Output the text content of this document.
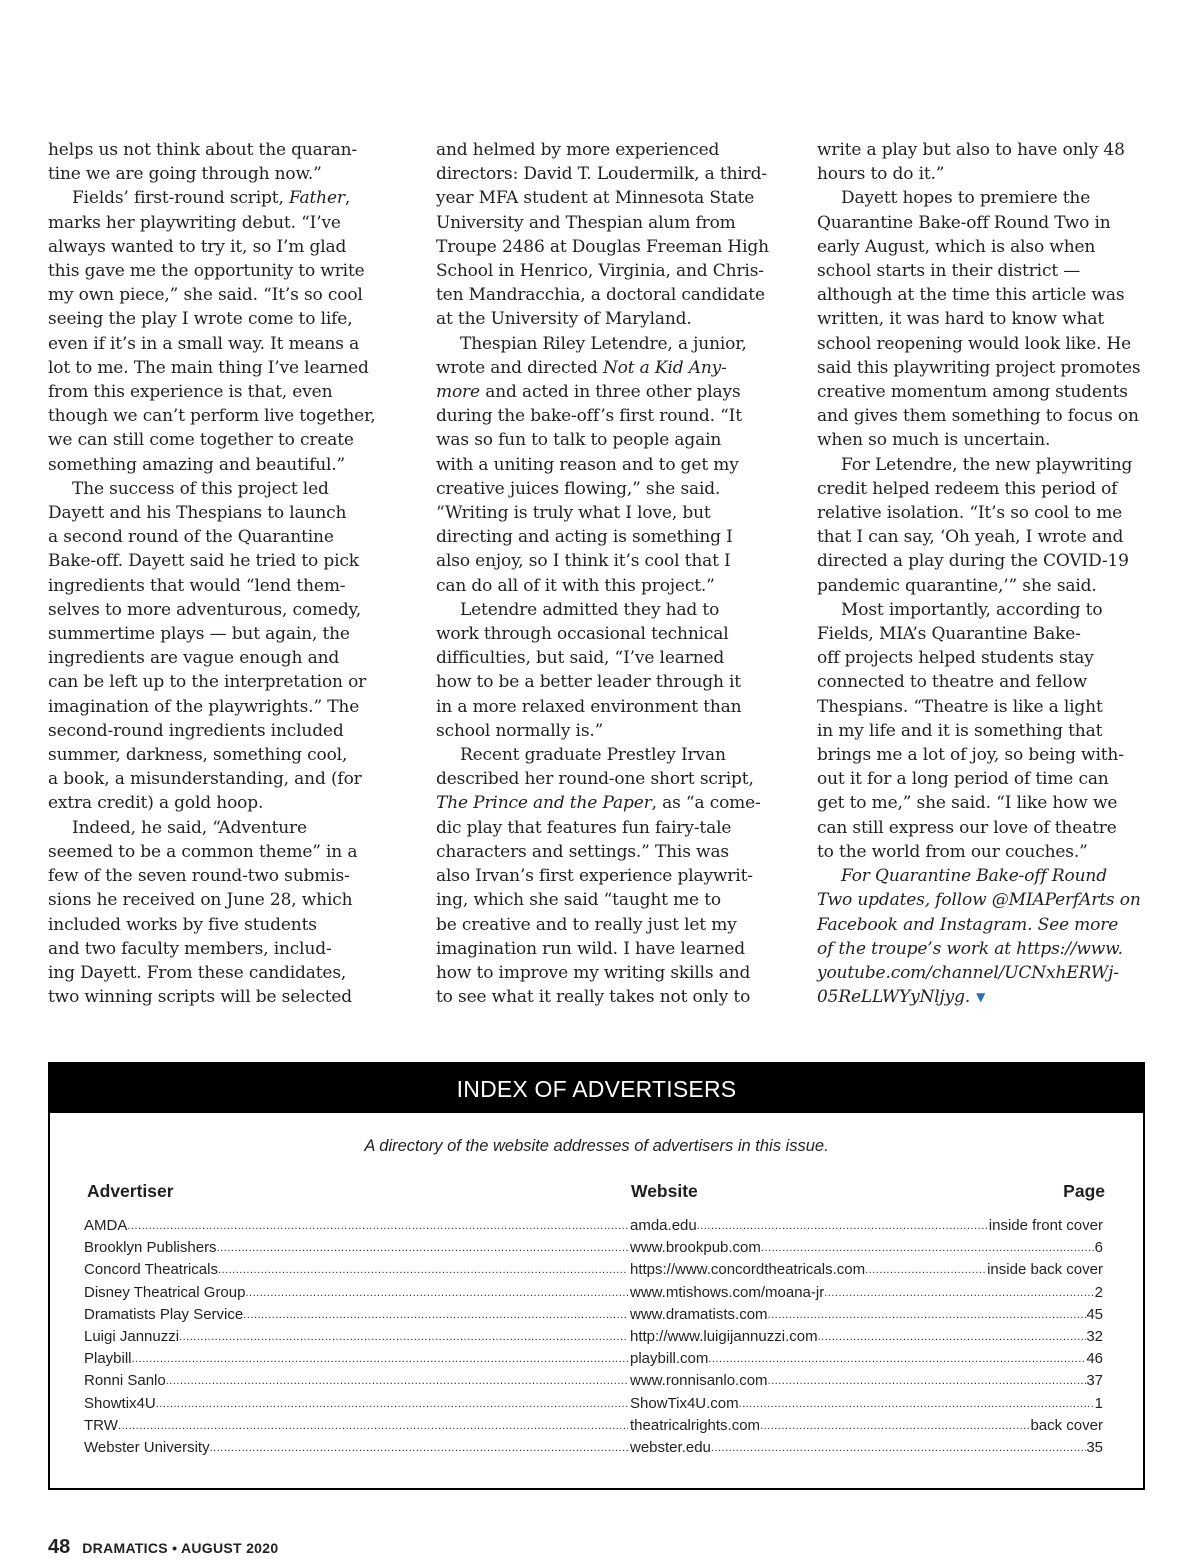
helps us not think about the quaran-
tine we are going through now.”
Fields’ first-round script, Father,
marks her playwriting debut. “I’ve
always wanted to try it, so I’m glad
this gave me the opportunity to write
my own piece,” she said. “It’s so cool
seeing the play I wrote come to life,
even if it’s in a small way. It means a
lot to me. The main thing I’ve learned
from this experience is that, even
though we can’t perform live together,
we can still come together to create
something amazing and beautiful.”
The success of this project led
Dayett and his Thespians to launch
a second round of the Quarantine
Bake-off. Dayett said he tried to pick
ingredients that would “lend them-
selves to more adventurous, comedy,
summertime plays — but again, the
ingredients are vague enough and
can be left up to the interpretation or
imagination of the playwrights.” The
second-round ingredients included
summer, darkness, something cool,
a book, a misunderstanding, and (for
extra credit) a gold hoop.
Indeed, he said, “Adventure
seemed to be a common theme” in a
few of the seven round-two submis-
sions he received on June 28, which
included works by five students
and two faculty members, includ-
ing Dayett. From these candidates,
two winning scripts will be selected
and helmed by more experienced
directors: David T. Loudermilk, a third-
year MFA student at Minnesota State
University and Thespian alum from
Troupe 2486 at Douglas Freeman High
School in Henrico, Virginia, and Chris-
ten Mandracchia, a doctoral candidate
at the University of Maryland.
Thespian Riley Letendre, a junior,
wrote and directed Not a Kid Any-
more and acted in three other plays
during the bake-off’s first round. “It
was so fun to talk to people again
with a uniting reason and to get my
creative juices flowing,” she said.
“Writing is truly what I love, but
directing and acting is something I
also enjoy, so I think it’s cool that I
can do all of it with this project.”
Letendre admitted they had to
work through occasional technical
difficulties, but said, “I’ve learned
how to be a better leader through it
in a more relaxed environment than
school normally is.”
Recent graduate Prestley Irvan
described her round-one short script,
The Prince and the Paper, as “a come-
dic play that features fun fairy-tale
characters and settings.” This was
also Irvan’s first experience playwrit-
ing, which she said “taught me to
be creative and to really just let my
imagination run wild. I have learned
how to improve my writing skills and
to see what it really takes not only to
write a play but also to have only 48
hours to do it.”
Dayett hopes to premiere the
Quarantine Bake-off Round Two in
early August, which is also when
school starts in their district —
although at the time this article was
written, it was hard to know what
school reopening would look like. He
said this playwriting project promotes
creative momentum among students
and gives them something to focus on
when so much is uncertain.
For Letendre, the new playwriting
credit helped redeem this period of
relative isolation. “It’s so cool to me
that I can say, ‘Oh yeah, I wrote and
directed a play during the COVID-19
pandemic quarantine,’” she said.
Most importantly, according to
Fields, MIA’s Quarantine Bake-
off projects helped students stay
connected to theatre and fellow
Thespians. “Theatre is like a light
in my life and it is something that
brings me a lot of joy, so being with-
out it for a long period of time can
get to me,” she said. “I like how we
can still express our love of theatre
to the world from our couches.”
For Quarantine Bake-off Round
Two updates, follow @MIAPerfArts on
Facebook and Instagram. See more
of the troupe’s work at https://www.
youtube.com/channel/UCNxhERWj-
05ReLLWYyNljyg. ▼
INDEX OF ADVERTISERS
A directory of the website addresses of advertisers in this issue.
Advertiser	Website	Page
AMDA .....	amda.edu .....	inside front cover
Brooklyn Publishers .....	www.brookpub.com .....	6
Concord Theatricals .....	https://www.concordtheatricals.com .....	inside back cover
Disney Theatrical Group .....	www.mtishows.com/moana-jr .....	2
Dramatists Play Service .....	www.dramatists.com .....	45
Luigi Jannuzzi .....	http://www.luigijannuzzi.com .....	32
Playbill .....	playbill.com .....	46
Ronni Sanlo .....	www.ronnisanlo.com .....	37
Showtix4U .....	ShowTix4U.com .....	1
TRW .....	theatricalrights.com .....	back cover
Webster University .....	webster.edu .....	35
48 DRAMATICS • AUGUST 2020
